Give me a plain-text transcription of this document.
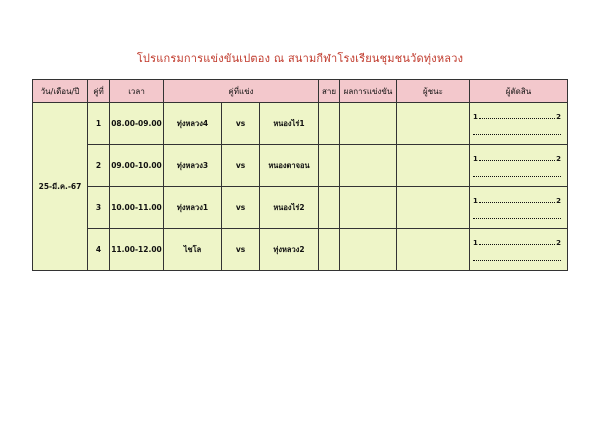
โปรแกรมการแข่งขันเปตอง ณ สนามกีฬาโรงเรียนชุมชนวัดทุ่งหลวง
วัน/เดือน/ปี	คู่ที่	เวลา	คู่ที่แข่ง			สาย	ผลการแข่งขัน	ผู้ชนะ	ผู้ตัดสิน
25-มี.ค.-67	1	08.00-09.00	ทุ่งหลวง4	vs	หนองไร่1				1 2

	2	09.00-10.00	ทุ่งหลวง3	vs	หนองตาจอน				1 2

	3	10.00-11.00	ทุ่งหลวง1	vs	หนองไร่2				1 2

	4	11.00-12.00	ไชโล	vs	ทุ่งหลวง2				1 2
